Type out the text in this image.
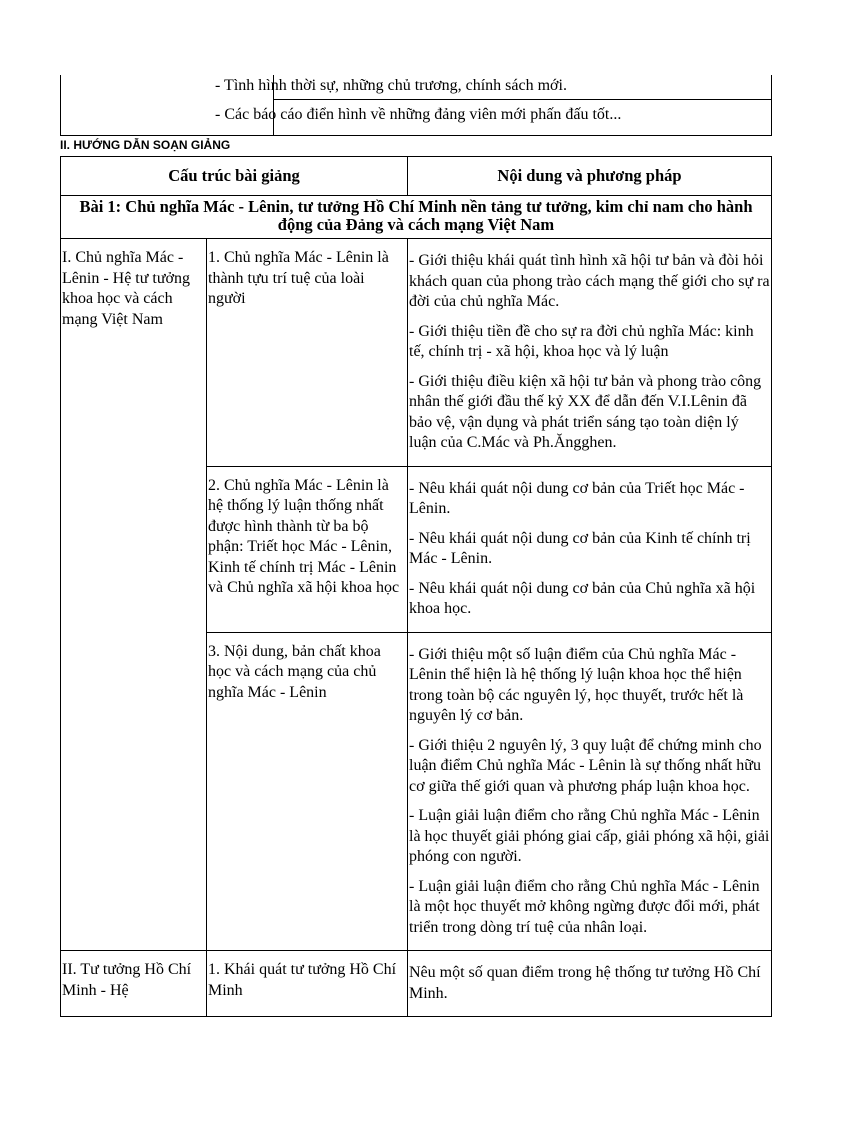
- Tình hình thời sự, những chủ trương, chính sách mới.
- Các báo cáo điển hình về những đảng viên mới phấn đấu tốt...
II. HƯỚNG DẪN SOẠN GIẢNG
Cấu trúc bài giảng		Nội dung và phương pháp
Bài 1: Chủ nghĩa Mác - Lênin, tư tưởng Hồ Chí Minh nền tảng tư tưởng, kim chỉ nam cho hành động của Đảng và cách mạng Việt Nam		
I. Chủ nghĩa Mác - Lênin - Hệ tư tưởng khoa học và cách mạng Việt Nam	1. Chủ nghĩa Mác - Lênin là thành tựu trí tuệ của loài người	- Giới thiệu khái quát tình hình xã hội tư bản và đòi hỏi khách quan của phong trào cách mạng thế giới cho sự ra đời của chủ nghĩa Mác.
- Giới thiệu tiền đề cho sự ra đời chủ nghĩa Mác: kinh tế, chính trị - xã hội, khoa học và lý luận
- Giới thiệu điều kiện xã hội tư bản và phong trào công nhân thế giới đầu thế kỷ XX để dẫn đến V.I.Lênin đã bảo vệ, vận dụng và phát triển sáng tạo toàn diện lý luận của C.Mác và Ph.Ăngghen.

	2. Chủ nghĩa Mác - Lênin là hệ thống lý luận thống nhất được hình thành từ ba bộ phận: Triết học Mác - Lênin, Kinh tế chính trị Mác - Lênin và Chủ nghĩa xã hội khoa học	- Nêu khái quát nội dung cơ bản của Triết học Mác - Lênin.
- Nêu khái quát nội dung cơ bản của Kinh tế chính trị Mác - Lênin.
- Nêu khái quát nội dung cơ bản của Chủ nghĩa xã hội khoa học.

	3. Nội dung, bản chất khoa học và cách mạng của chủ nghĩa Mác - Lênin	- Giới thiệu một số luận điểm của Chủ nghĩa Mác - Lênin thể hiện là hệ thống lý luận khoa học thể hiện trong toàn bộ các nguyên lý, học thuyết, trước hết là nguyên lý cơ bản.
- Giới thiệu 2 nguyên lý, 3 quy luật để chứng minh cho luận điểm Chủ nghĩa Mác - Lênin là sự thống nhất hữu cơ giữa thế giới quan và phương pháp luận khoa học.
- Luận giải luận điểm cho rằng Chủ nghĩa Mác - Lênin là học thuyết giải phóng giai cấp, giải phóng xã hội, giải phóng con người.
- Luận giải luận điểm cho rằng Chủ nghĩa Mác - Lênin là một học thuyết mở không ngừng được đổi mới, phát triển trong dòng trí tuệ của nhân loại.

II. Tư tưởng Hồ Chí Minh - Hệ	1. Khái quát tư tưởng Hồ Chí Minh	Nêu một số quan điểm trong hệ thống tư tưởng Hồ Chí Minh.
